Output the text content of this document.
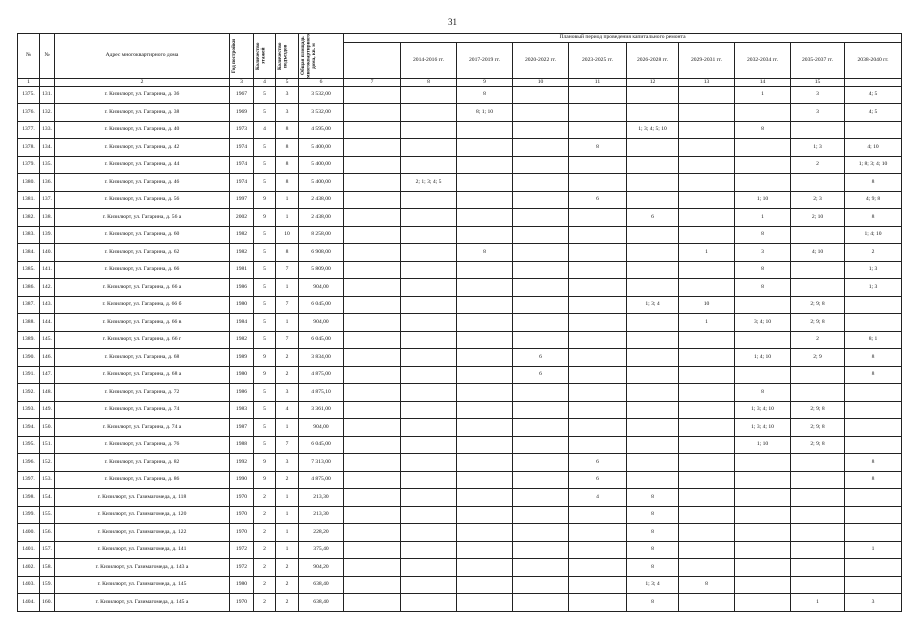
31
№	№	Адрес многоквартирного дома	Год постройки	Количество этажей	Количество подъездов	Общая площадь многоквартирного дома, кв. м	Плановый период проведения капитального ремонта									
								2014-2016 гг.	2017-2019 гг.	2020-2022 гг.	2023-2025 гг.	2026-2028 гг.	2029-2031 гг.	2032-2034 гг.	2035-2037 гг.	2038-2040 гг.
1		2	3	4	5	6	7	8	9	10	11	12	13	14	15	
1375.	131.	г. Кизилюрт, ул. Гагарина, д. 36	1967	5	3	3 532,00			8					1	3	4; 5
1376.	132.	г. Кизилюрт, ул. Гагарина, д. 38	1969	5	3	3 532,00			8; 1; 10						3	4; 5
1377.	133.	г. Кизилюрт, ул. Гагарина, д. 40	1973	4	8	4 595,00						1; 3; 4; 5; 10		8		
1378.	134.	г. Кизилюрт, ул. Гагарина, д. 42	1974	5	8	5 400,00					8				1; 3	4; 10
1379.	135.	г. Кизилюрт, ул. Гагарина, д. 44	1974	5	8	5 400,00									2	1; 8; 3; 4; 10
1380.	136.	г. Кизилюрт, ул. Гагарина, д. 46	1974	5	8	5 400,00		2; 1; 3; 4; 5								8
1381.	137.	г. Кизилюрт, ул. Гагарина, д. 56	1997	9	1	2 438,00					6			1; 10	2; 3	4; 9; 8
1382.	138.	г. Кизилюрт, ул. Гагарина, д. 56 а	2002	9	1	2 438,00						6		1	2; 10	8
1383.	139.	г. Кизилюрт, ул. Гагарина, д. 60	1982	5	10	8 258,00								8		1; 4; 10
1384.	140.	г. Кизилюрт, ул. Гагарина, д. 62	1982	5	8	6 908,00			8				1	3	4; 10	2
1385.	141.	г. Кизилюрт, ул. Гагарина, д. 66	1981	5	7	5 809,00								8		1; 3
1386.	142.	г. Кизилюрт, ул. Гагарина, д. 66 а	1986	5	1	904,00								8		1; 3
1387.	143.	г. Кизилюрт, ул. Гагарина, д. 66 б	1980	5	7	6 045,00						1; 3; 4	10		2; 9; 8	
1388.	144.	г. Кизилюрт, ул. Гагарина, д. 66 в	1984	5	1	904,00							1	3; 4; 10	2; 9; 8	
1389.	145.	г. Кизилюрт, ул. Гагарина, д. 66 г	1982	5	7	6 045,00									2	8; 1
1390.	146.	г. Кизилюрт, ул. Гагарина, д. 68	1989	9	2	3 834,00				6				1; 4; 10	2; 9	8
1391.	147.	г. Кизилюрт, ул. Гагарина, д. 68 а	1980	9	2	4 875,00				6						8
1392.	148.	г. Кизилюрт, ул. Гагарина, д. 72	1986	5	3	4 875,10								8		
1393.	149.	г. Кизилюрт, ул. Гагарина, д. 74	1983	5	4	3 361,00								1; 3; 4; 10	2; 9; 8	
1394.	150.	г. Кизилюрт, ул. Гагарина, д. 74 а	1987	5	1	904,00								1; 3; 4; 10	2; 9; 8	
1395.	151.	г. Кизилюрт, ул. Гагарина, д. 76	1988	5	7	6 045,00								1; 10	2; 9; 8	
1396.	152.	г. Кизилюрт, ул. Гагарина, д. 82	1992	9	3	7 313,00					6					8
1397.	153.	г. Кизилюрт, ул. Гагарина, д. 86	1990	9	2	4 875,00					6					8
1398.	154.	г. Кизилюрт, ул. Газимагомеда, д. 118	1970	2	1	213,30					4	8				
1399.	155.	г. Кизилюрт, ул. Газимагомеда, д. 120	1970	2	1	213,30						8				
1400.	156.	г. Кизилюрт, ул. Газимагомеда, д. 122	1970	2	1	228,20						8				
1401.	157.	г. Кизилюрт, ул. Газимагомеда, д. 141	1972	2	1	375,40						8				1
1402.	158.	г. Кизилюрт, ул. Газимагомеда, д. 143 а	1972	2	2	904,20						8				
1403.	159.	г. Кизилюрт, ул. Газимагомеда, д. 145	1980	2	2	638,40						1; 3; 4	8			
1404.	160.	г. Кизилюрт, ул. Газимагомеда, д. 145 а	1970	2	2	638,40						8			1	3
